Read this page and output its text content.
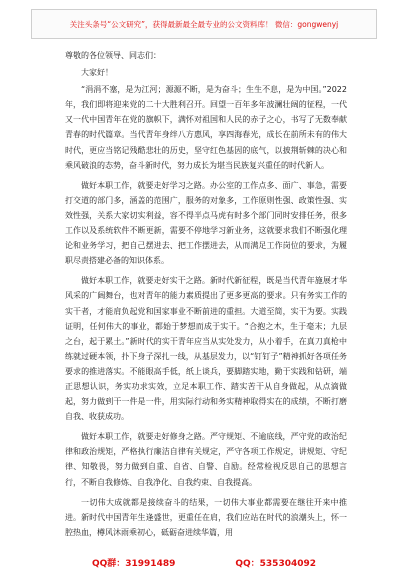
关注头条号“公文研究”，获得最新最全最专业的公文资料库！ 微信：gongwenyj

尊敬的各位领导、同志们：

大家好！

“涓涓不塞，是为江河；源源不断，是为奋斗；生生不息，是为中国。”2022年，我们即将迎来党的二十大胜利召开。回望一百年多年波澜壮阔的征程，一代又一代中国青年在党的旗帜下，满怀对祖国和人民的赤子之心，书写了无数奉献青春的时代篇章。当代青年身绊八方惠风，享四海春光，成长在前所未有的伟大时代，更应当铭记残酷悲壮的历史，坚守红色基因的底气，以披荆斩棘的决心和乘风破浪的态势，奋斗新时代，努力成长为堪当民族复兴重任的时代新人。

做好本职工作，就要走好学习之路。办公室的工作点多、面广、事急，需要打交道的部门多，涵盖的范围广，服务的对象多，工作原则性强、政策性强、实效性强，关系大家切实利益，容不得半点马虎有时多个部门同时安排任务，很多工作以及系统软件不断更新，需要不停地学习新业务，这就要求我们不断强化理论和业务学习，把自己摆进去、把工作摆进去，从而满足工作岗位的要求，为履职尽责搭建必备的知识体系。

做好本职工作，就要走好实干之路。新时代新征程，既是当代青年施展才华风采的广阔舞台，也对青年的能力素质提出了更多更高的要求。只有务实工作的实干者，才能肩负起党和国家事业不断前进的重担。大道至简，实干为要。实践证明，任何伟大的事业，都始于梦想而成于实干。“合抱之木，生于毫末；九层之台，起于累土。”新时代的实干青年应当从实处发力，从小着手，在真刀真枪中练就过硬本领，扑下身子深扎一线，从基层发力，以“钉钉子”精神抓好各项任务要求的推进落实。不能眼高手低，纸上谈兵，要脚踏实地，勤于实践和钻研，端正思想认识，务实功求实效，立足本职工作、踏实苦干从自身做起，从点滴做起，努力做到干一件是一件，用实际行动和务实精神取得实在的成绩，不断打磨自我、收获成功。

做好本职工作，就要走好修身之路。严守规矩、不逾底线，严守党的政治纪律和政治规矩，严格执行廉洁自律有关规定，严守各项工作规定，讲规矩、守纪律、知敬畏，努力做到自重、自省、自警、自励。经常检视反思自己的思想言行，不断自我修炼、自我净化、自我约束、自我提高。

一切伟大成就都是接续奋斗的结果，一切伟大事业都需要在继往开来中推进。新时代中国青年生逢盛世，更重任在肩，我们应站在时代的浪潮头上，怀一腔热血，樽风沐雨乘初心，砥砺奋进续华篇，用

QQ群：31991489	QQ：535304092
